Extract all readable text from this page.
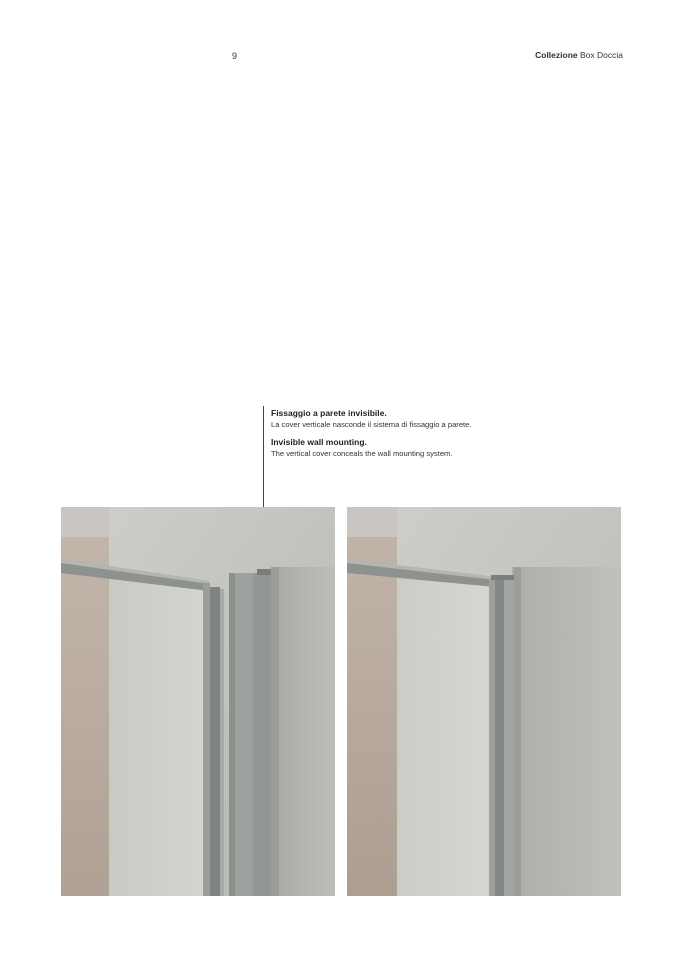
9	Collezione Box Doccia
Fissaggio a parete invisibile.
La cover verticale nasconde il sistema di fissaggio a parete.
Invisible wall mounting.
The vertical cover conceals the wall mounting system.
